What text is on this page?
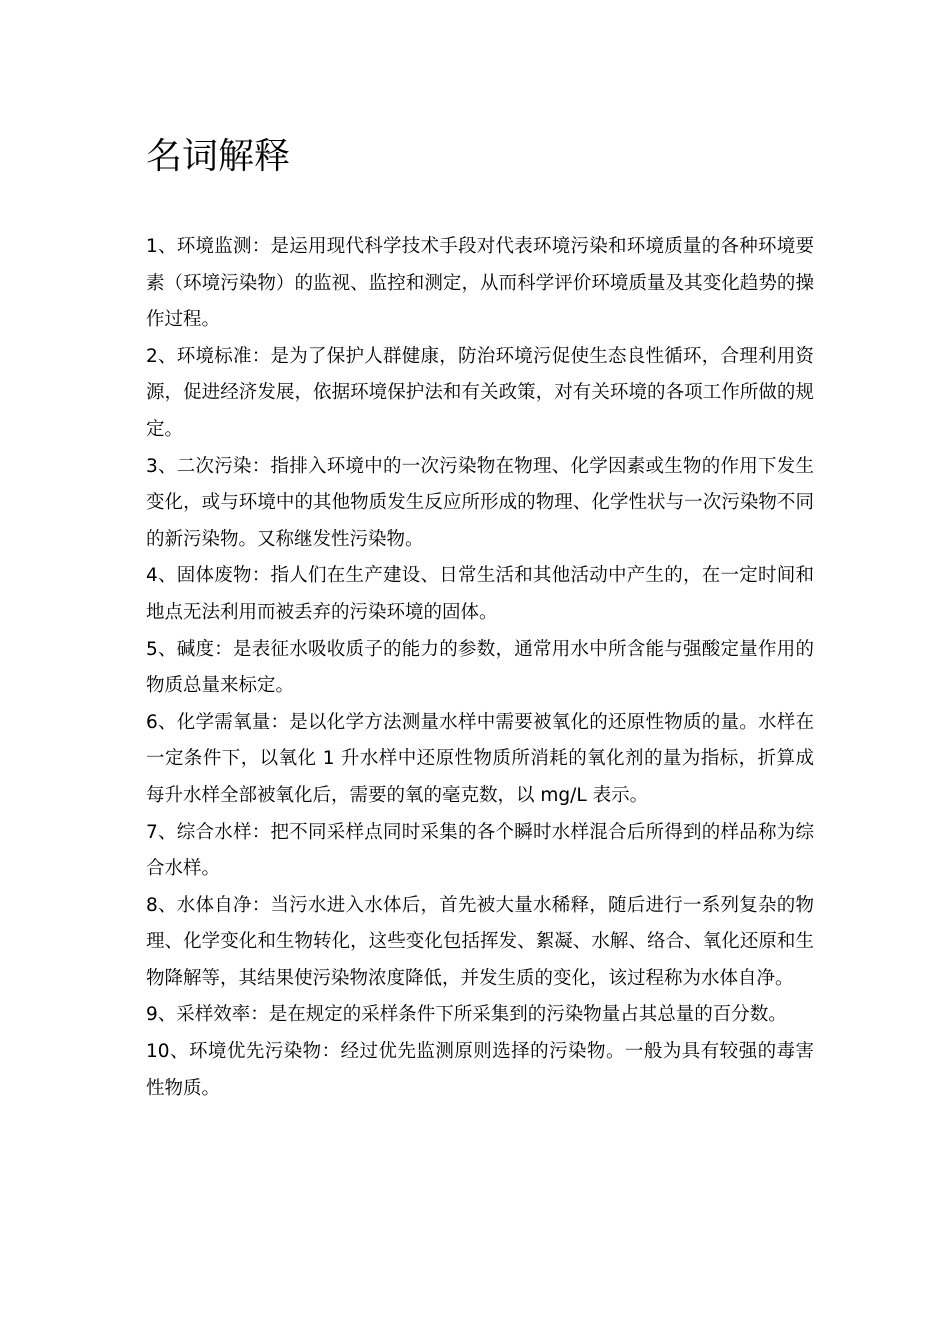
名词解释

1、环境监测：是运用现代科学技术手段对代表环境污染和环境质量的各种环境要素（环境污染物）的监视、监控和测定，从而科学评价环境质量及其变化趋势的操作过程。

2、环境标准：是为了保护人群健康，防治环境污促使生态良性循环，合理利用资源，促进经济发展，依据环境保护法和有关政策，对有关环境的各项工作所做的规定。

3、二次污染：指排入环境中的一次污染物在物理、化学因素或生物的作用下发生变化，或与环境中的其他物质发生反应所形成的物理、化学性状与一次污染物不同的新污染物。又称继发性污染物。

4、固体废物：指人们在生产建设、日常生活和其他活动中产生的，在一定时间和地点无法利用而被丢弃的污染环境的固体。

5、碱度：是表征水吸收质子的能力的参数，通常用水中所含能与强酸定量作用的物质总量来标定。

6、化学需氧量：是以化学方法测量水样中需要被氧化的还原性物质的量。水样在一定条件下，以氧化 1 升水样中还原性物质所消耗的氧化剂的量为指标，折算成每升水样全部被氧化后，需要的氧的毫克数，以 mg/L 表示。

7、综合水样：把不同采样点同时采集的各个瞬时水样混合后所得到的样品称为综合水样。

8、水体自净：当污水进入水体后，首先被大量水稀释，随后进行一系列复杂的物理、化学变化和生物转化，这些变化包括挥发、絮凝、水解、络合、氧化还原和生物降解等，其结果使污染物浓度降低，并发生质的变化，该过程称为水体自净。

9、采样效率：是在规定的采样条件下所采集到的污染物量占其总量的百分数。

10、环境优先污染物：经过优先监测原则选择的污染物。一般为具有较强的毒害性物质。
